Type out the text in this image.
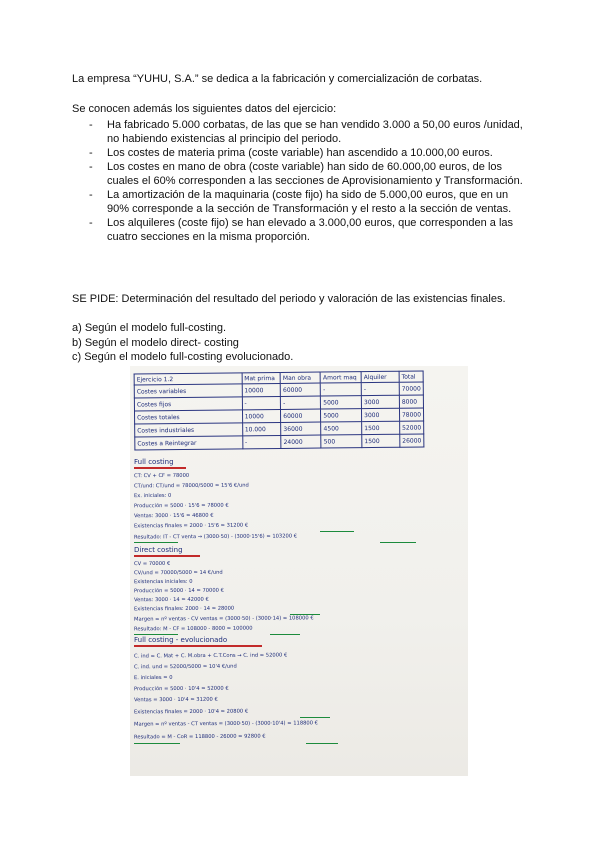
La empresa “YUHU, S.A.” se dedica a la fabricación y comercialización de corbatas.
Se conocen además los siguientes datos del ejercicio:
- Ha fabricado 5.000 corbatas, de las que se han vendido 3.000 a 50,00 euros /unidad, no habiendo existencias al principio del periodo.
- Los costes de materia prima (coste variable) han ascendido a 10.000,00 euros.
- Los costes en mano de obra (coste variable) han sido de 60.000,00 euros, de los cuales el 60% corresponden a las secciones de Aprovisionamiento y Transformación.
- La amortización de la maquinaria (coste fijo) ha sido de 5.000,00 euros, que en un 90% corresponde a la sección de Transformación y el resto a la sección de ventas.
- Los alquileres (coste fijo) se han elevado a 3.000,00 euros, que corresponden a las cuatro secciones en la misma proporción.
SE PIDE: Determinación del resultado del periodo y valoración de las existencias finales.
a) Según el modelo full-costing.
b) Según el modelo direct- costing
c) Según el modelo full-costing evolucionado.
Ejercicio 1.2	Mat prima	Man obra	Amort maq	Alquiler	Total
Costes variables	10000	60000	-	-	70000
Costes fijos	-	-	5000	3000	8000
Costes totales	10000	60000	5000	3000	78000
Costes industriales	10.000	36000	4500	1500	52000
Costes a Reintegrar	-	24000	500	1500	26000
Full costing
CT: CV + CF = 78000
CT/und: CT/und = 78000/5000 = 15'6 €/und
Ex. iniciales: 0
Producción = 5000 · 15'6 = 78000 €
Ventas: 3000 · 15'6 = 46800 €
Existencias finales = 2000 · 15'6 = 31200 €
Resultado: IT - CT venta → (3000·50) - (3000·15'6) = 103200 €
Direct costing
CV = 70000 €
CV/und = 70000/5000 = 14 €/und
Existencias iniciales: 0
Producción = 5000 · 14 = 70000 €
Ventas: 3000 · 14 = 42000 €
Existencias finales: 2000 · 14 = 28000
Margen = nº ventas - CV ventas = (3000·50) - (3000·14) = 108000 €
Resultado: M - CF = 108000 - 8000 = 100000
Full costing - evolucionado
C. ind = C. Mat + C. M.obra + C.T.Cons → C. ind = 52000 €
C. ind. und = 52000/5000 = 10'4 €/und
E. iniciales = 0
Producción = 5000 · 10'4 = 52000 €
Ventas = 3000 · 10'4 = 31200 €
Existencias finales = 2000 · 10'4 = 20800 €
Margen = nº ventas - CT ventas = (3000·50) - (3000·10'4) = 118800 €
Resultado = M - CoR = 118800 - 26000 = 92800 €
